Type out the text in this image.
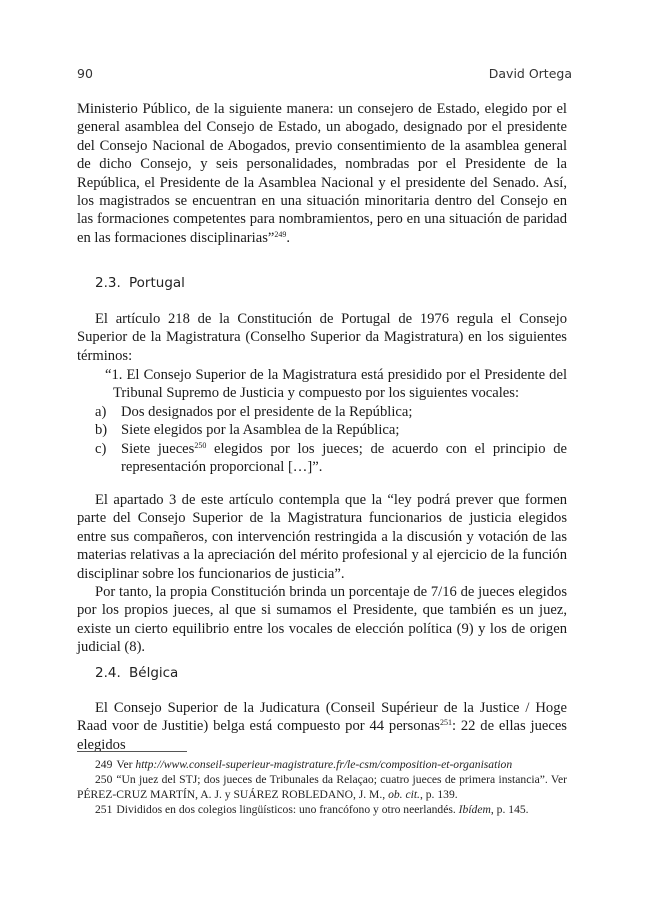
90	David Ortega
Ministerio Público, de la siguiente manera: un consejero de Estado, elegido por el general asamblea del Consejo de Estado, un abogado, designado por el presidente del Consejo Nacional de Abogados, previo consentimiento de la asamblea general de dicho Consejo, y seis personalidades, nombradas por el Presidente de la República, el Presidente de la Asamblea Nacional y el presidente del Senado. Así, los magistrados se encuentran en una situación minoritaria dentro del Consejo en las formaciones competentes para nombramientos, pero en una situación de paridad en las formaciones disciplinarias”$^{249}$.
2.3. Portugal
El artículo 218 de la Constitución de Portugal de 1976 regula el Consejo Superior de la Magistratura (Conselho Superior da Magistratura) en los siguientes términos:
“1. El Consejo Superior de la Magistratura está presidido por el Presidente del Tribunal Supremo de Justicia y compuesto por los siguientes vocales:
a)	Dos designados por el presidente de la República;
b) Siete elegidos por la Asamblea de la República;
c)	Siete jueces$^{250}$ elegidos por los jueces; de acuerdo con el principio de representación proporcional […]”.
El apartado 3 de este artículo contempla que la “ley podrá prever que formen parte del Consejo Superior de la Magistratura funcionarios de justicia elegidos entre sus compañeros, con intervención restringida a la discusión y votación de las materias relativas a la apreciación del mérito profesional y al ejercicio de la función disciplinar sobre los funcionarios de justicia”.
Por tanto, la propia Constitución brinda un porcentaje de 7/16 de jueces elegidos por los propios jueces, al que si sumamos el Presidente, que también es un juez, existe un cierto equilibrio entre los vocales de elección política (9) y los de origen judicial (8).
2.4. Bélgica
El Consejo Superior de la Judicatura (Conseil Supérieur de la Justice / Hoge Raad voor de Justitie) belga está compuesto por 44 personas$^{251}$: 22 de ellas jueces elegidos
249 Ver http://www.conseil-superieur-magistrature.fr/le-csm/composition-et-organisation
250 “Un juez del STJ; dos jueces de Tribunales da Relaçao; cuatro jueces de primera instancia”. Ver PÉREZ-CRUZ MARTÍN, A. J. y SUÁREZ ROBLEDANO, J. M., ob. cit., p. 139.
251 Divididos en dos colegios lingüísticos: uno francófono y otro neerlandés. Ibídem, p. 145.
